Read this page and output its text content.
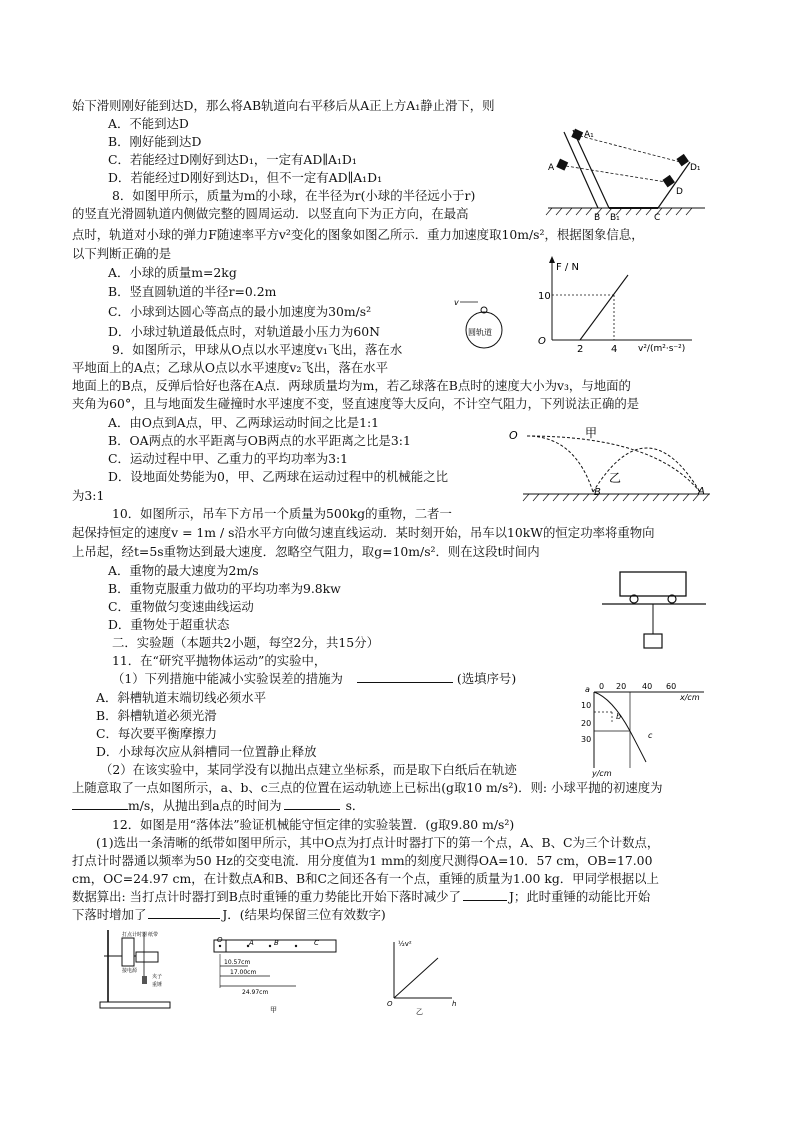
始下滑则刚好能到达D，那么将AB轨道向右平移后从A正上方A₁静止滑下，则
A．不能到达D
B．刚好能到达D
C．若能经过D刚好到达D₁，一定有AD∥A₁D₁
D．若能经过D刚好到达D₁，但不一定有AD∥A₁D₁
A₁
A	D₁
D
B B₁	C
8．如图甲所示，质量为m的小球，在半径为r(小球的半径远小于r)
的竖直光滑圆轨道内侧做完整的圆周运动．以竖直向下为正方向，在最高
点时，轨道对小球的弹力F随速率平方v²变化的图象如图乙所示．重力加速度取10m/s²，根据图象信息，
以下判断正确的是
A．小球的质量m=2kg
B．竖直圆轨道的半径r=0.2m
C．小球到达圆心等高点的最小加速度为30m/s²
D．小球过轨道最低点时，对轨道最小压力为60N
v
圆轨道
F / N
10
O
2	4 v²/(m²·s⁻²)
9．如图所示，甲球从O点以水平速度v₁飞出，落在水
平地面上的A点；乙球从O点以水平速度v₂飞出，落在水平
地面上的B点，反弹后恰好也落在A点．两球质量均为m，若乙球落在B点时的速度大小为v₃，与地面的
夹角为60°，且与地面发生碰撞时水平速度不变，竖直速度等大反向，不计空气阻力，下列说法正确的是
A．由O点到A点，甲、乙两球运动时间之比是1:1
B．OA两点的水平距离与OB两点的水平距离之比是3:1
C．运动过程中甲、乙重力的平均功率为3:1
D．设地面处势能为0，甲、乙两球在运动过程中的机械能之比
为3:1
O	甲
乙
B	A
10．如图所示，吊车下方吊一个质量为500kg的重物，二者一
起保持恒定的速度v = 1m / s沿水平方向做匀速直线运动．某时刻开始，吊车以10kW的恒定功率将重物向
上吊起，经t=5s重物达到最大速度．忽略空气阻力，取g=10m/s²．则在这段t时间内
A．重物的最大速度为2m/s
B．重物克服重力做功的平均功率为9.8kw
C．重物做匀变速曲线运动
D．重物处于超重状态
二．实验题（本题共2小题，每空2分，共15分）
11．在“研究平抛物体运动”的实验中，
（1）下列措施中能减小实验误差的措施为	(选填序号)
A．斜槽轨道末端切线必须水平
B．斜槽轨道必须光滑
C．每次要平衡摩擦力
D．小球每次应从斜槽同一位置静止释放
（2）在该实验中，某同学没有以抛出点建立坐标系，而是取下白纸后在轨迹
上随意取了一点如图所示，a、b、c三点的位置在运动轨迹上已标出(g取10 m/s²)．则: 小球平抛的初速度为
m/s，从抛出到a点的时间为	s．
a 0 20 40 60
x/cm
10
20
30
b
c
y/cm
12．如图是用“落体法”验证机械能守恒定律的实验装置．(g取9.80 m/s²)
(1)选出一条清晰的纸带如图甲所示，其中O点为打点计时器打下的第一个点，A、B、C为三个计数点，
打点计时器通以频率为50 Hz的交变电流．用分度值为1 mm的刻度尺测得OA=10．57 cm，OB=17.00
cm，OC=24.97 cm，在计数点A和B、B和C之间还各有一个点，重锤的质量为1.00 kg．甲同学根据以上
数据算出: 当打点计时器打到B点时重锤的重力势能比开始下落时减少了	J；此时重锤的动能比开始
下落时增加了	J．(结果均保留三位有效数字)
打点计时器 纸带
接电源
夹子
重锤
O	A	B	C
10.57cm
17.00cm
24.97cm
甲
½v²
O	h
乙
